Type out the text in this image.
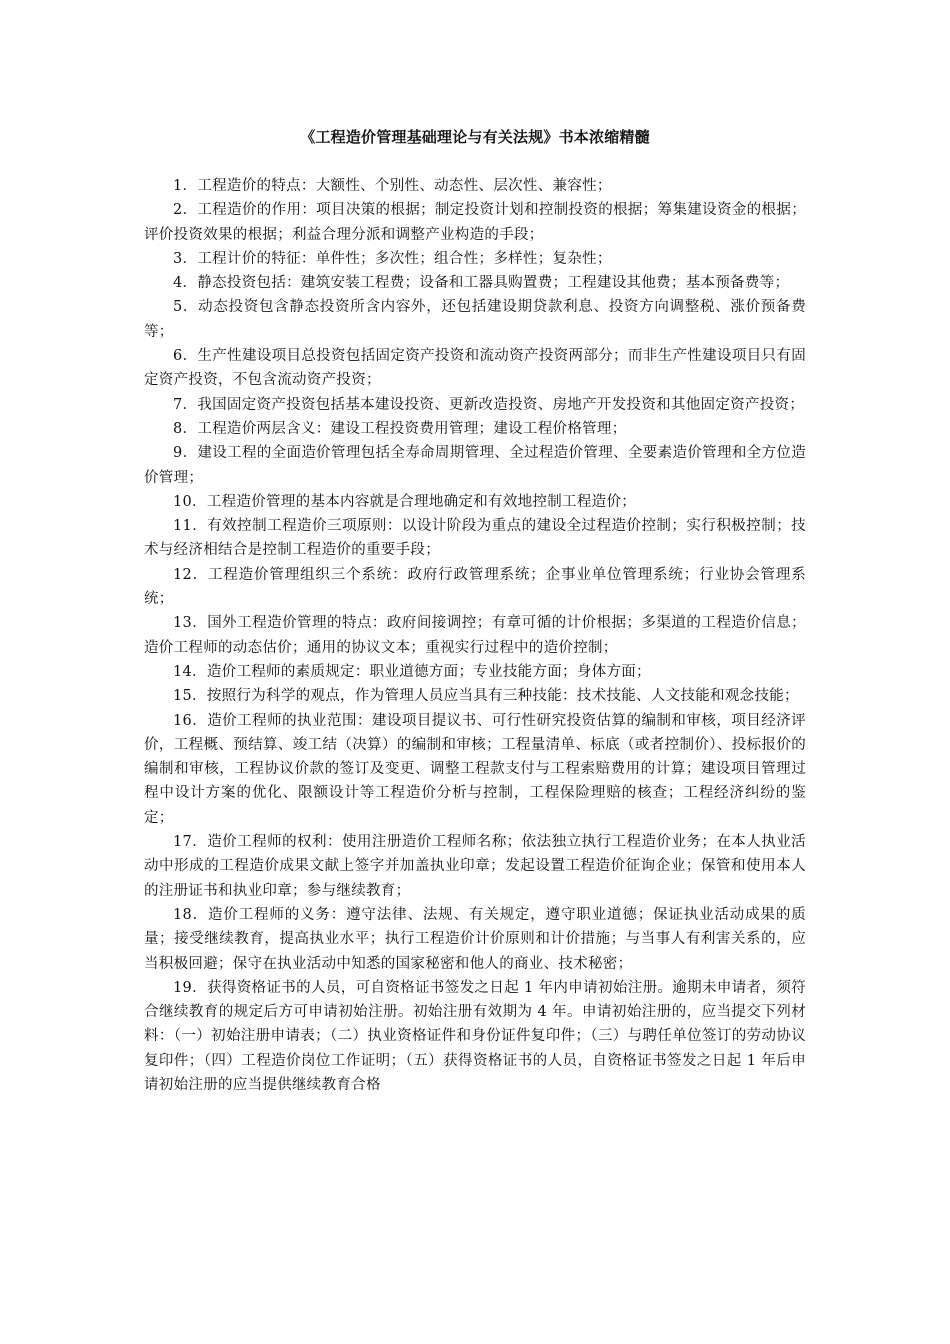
《工程造价管理基础理论与有关法规》书本浓缩精髓

1．工程造价的特点：大额性、个别性、动态性、层次性、兼容性；

2．工程造价的作用：项目决策的根据；制定投资计划和控制投资的根据；筹集建设资金的根据；评价投资效果的根据；利益合理分派和调整产业构造的手段；

3．工程计价的特征：单件性；多次性；组合性；多样性；复杂性；

4．静态投资包括：建筑安装工程费；设备和工器具购置费；工程建设其他费；基本预备费等；

5．动态投资包含静态投资所含内容外，还包括建设期贷款利息、投资方向调整税、涨价预备费等；

6．生产性建设项目总投资包括固定资产投资和流动资产投资两部分；而非生产性建设项目只有固定资产投资，不包含流动资产投资；

7．我国固定资产投资包括基本建设投资、更新改造投资、房地产开发投资和其他固定资产投资；

8．工程造价两层含义：建设工程投资费用管理；建设工程价格管理；

9．建设工程的全面造价管理包括全寿命周期管理、全过程造价管理、全要素造价管理和全方位造价管理；

10．工程造价管理的基本内容就是合理地确定和有效地控制工程造价；

11．有效控制工程造价三项原则：以设计阶段为重点的建设全过程造价控制；实行积极控制；技术与经济相结合是控制工程造价的重要手段；

12．工程造价管理组织三个系统：政府行政管理系统；企事业单位管理系统；行业协会管理系统；

13．国外工程造价管理的特点：政府间接调控；有章可循的计价根据；多渠道的工程造价信息；造价工程师的动态估价；通用的协议文本；重视实行过程中的造价控制；

14．造价工程师的素质规定：职业道德方面；专业技能方面；身体方面；

15．按照行为科学的观点，作为管理人员应当具有三种技能：技术技能、人文技能和观念技能；

16．造价工程师的执业范围：建设项目提议书、可行性研究投资估算的编制和审核，项目经济评价，工程概、预结算、竣工结（决算）的编制和审核；工程量清单、标底（或者控制价）、投标报价的编制和审核，工程协议价款的签订及变更、调整工程款支付与工程索赔费用的计算；建设项目管理过程中设计方案的优化、限额设计等工程造价分析与控制，工程保险理赔的核查；工程经济纠纷的鉴定；

17．造价工程师的权利：使用注册造价工程师名称；依法独立执行工程造价业务；在本人执业活动中形成的工程造价成果文献上签字并加盖执业印章；发起设置工程造价征询企业；保管和使用本人的注册证书和执业印章；参与继续教育；

18．造价工程师的义务：遵守法律、法规、有关规定，遵守职业道德；保证执业活动成果的质量；接受继续教育，提高执业水平；执行工程造价计价原则和计价措施；与当事人有利害关系的，应当积极回避；保守在执业活动中知悉的国家秘密和他人的商业、技术秘密；

19．获得资格证书的人员，可自资格证书签发之日起 1 年内申请初始注册。逾期未申请者，须符合继续教育的规定后方可申请初始注册。初始注册有效期为 4 年。申请初始注册的，应当提交下列材料：（一）初始注册申请表；（二）执业资格证件和身份证件复印件；（三）与聘任单位签订的劳动协议复印件；（四）工程造价岗位工作证明；（五）获得资格证书的人员，自资格证书签发之日起 1 年后申请初始注册的应当提供继续教育合格
